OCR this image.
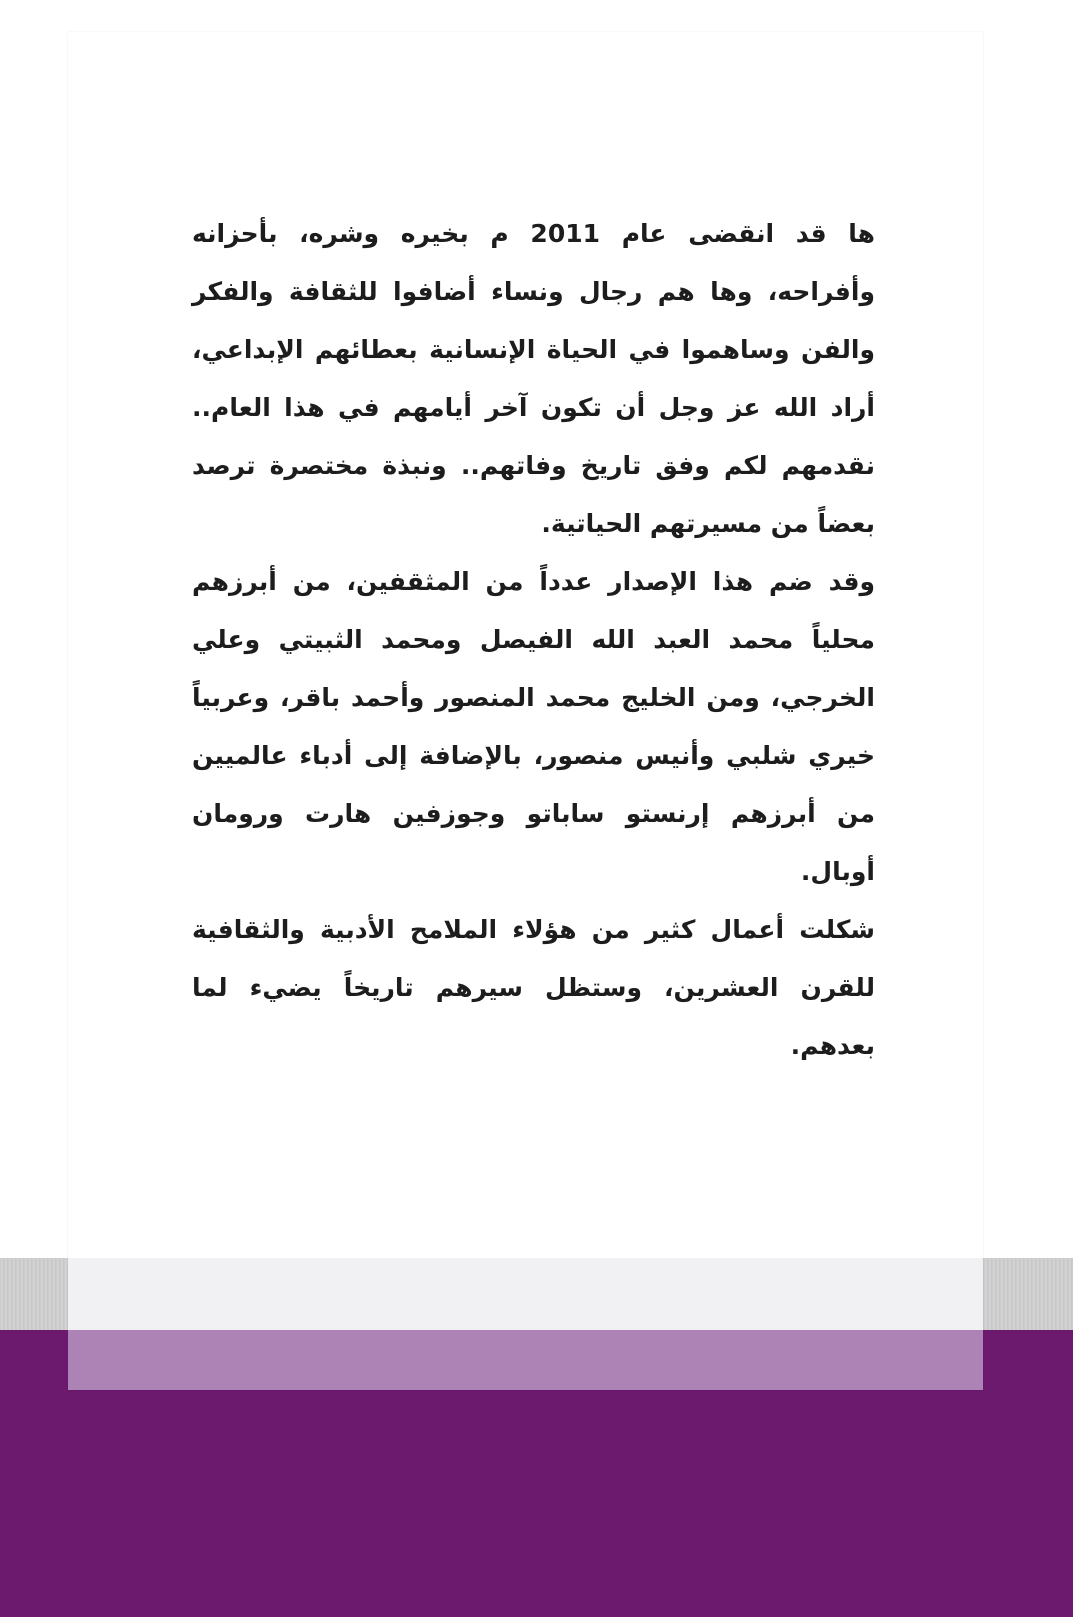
ها قد انقضى عام 2011 م بخيره وشره، بأحزانه وأفراحه، وها هم رجال ونساء أضافوا للثقافة والفكر والفن وساهموا في الحياة الإنسانية بعطائهم الإبداعي، أراد الله عز وجل أن تكون آخر أيامهم في هذا العام.. نقدمهم لكم وفق تاريخ وفاتهم.. ونبذة مختصرة ترصد بعضاً من مسيرتهم الحياتية.

وقد ضم هذا الإصدار عدداً من المثقفين، من أبرزهم محلياً محمد العبد الله الفيصل ومحمد الثبيتي وعلي الخرجي، ومن الخليج محمد المنصور وأحمد باقر، وعربياً خيري شلبي وأنيس منصور، بالإضافة إلى أدباء عالميين من أبرزهم إرنستو ساباتو وجوزفين هارت ورومان أوبال.

شكلت أعمال كثير من هؤلاء الملامح الأدبية والثقافية للقرن العشرين، وستظل سيرهم تاريخاً يضيء لما بعدهم.
